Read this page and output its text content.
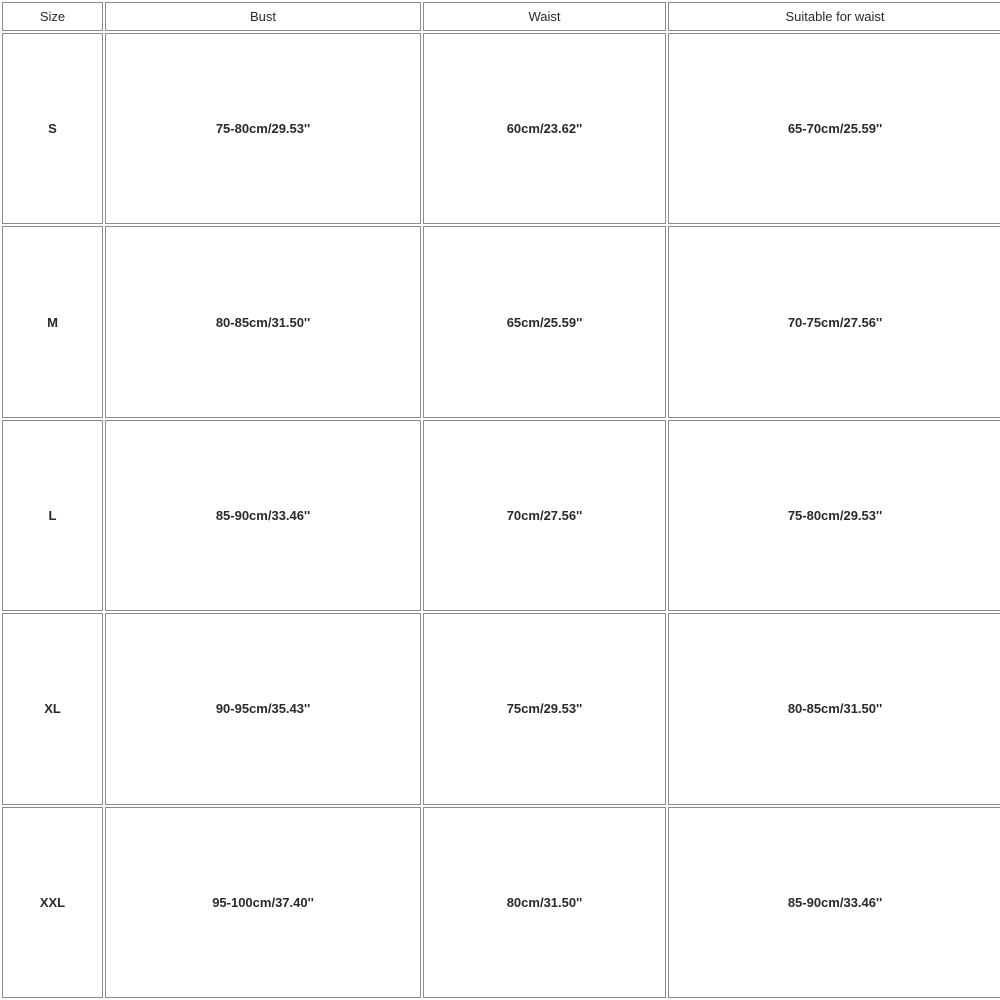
Size	Bust	Waist	Suitable for waist
S	75-80cm/29.53''	60cm/23.62''	65-70cm/25.59''
M	80-85cm/31.50''	65cm/25.59''	70-75cm/27.56''
L	85-90cm/33.46''	70cm/27.56''	75-80cm/29.53''
XL	90-95cm/35.43''	75cm/29.53''	80-85cm/31.50''
XXL	95-100cm/37.40''	80cm/31.50''	85-90cm/33.46''
